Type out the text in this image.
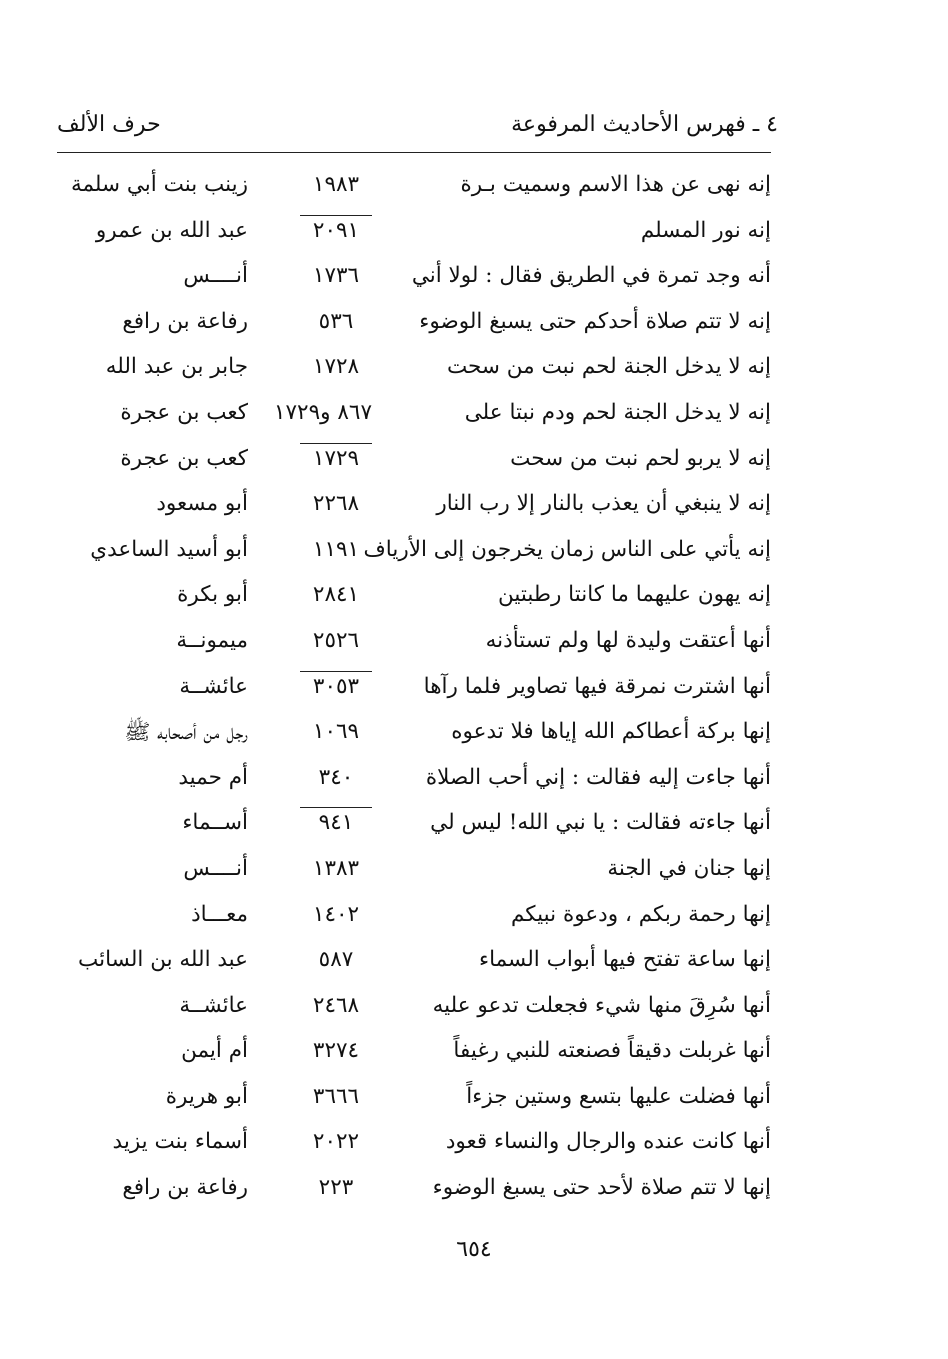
٤ ـ فهرس الأحاديث المرفوعة
حرف الألف
إنه نهى عن هذا الاسم وسميت بـرة
١٩٨٣
زينب بنت أبي سلمة
إنه نور المسلم
٢٠٩١
عبد الله بن عمرو
أنه وجد تمرة في الطريق فقال : لولا أني
١٧٣٦
أنــــس
إنه لا تتم صلاة أحدكم حتى يسبغ الوضوء
٥٣٦
رفاعة بن رافع
إنه لا يدخل الجنة لحم نبت من سحت
١٧٢٨
جابر بن عبد الله
إنه لا يدخل الجنة لحم ودم نبتا على
٨٦٧ و١٧٢٩
كعب بن عجرة
إنه لا يربو لحم نبت من سحت
١٧٢٩
كعب بن عجرة
إنه لا ينبغي أن يعذب بالنار إلا رب النار
٢٢٦٨
أبو مسعود
إنه يأتي على الناس زمان يخرجون إلى الأرياف
١١٩١
أبو أسيد الساعدي
إنه يهون عليهما ما كانتا رطبتين
٢٨٤١
أبو بكرة
أنها أعتقت وليدة لها ولم تستأذنه
٢٥٢٦
ميمونــة
أنها اشترت نمرقة فيها تصاوير فلما رآها
٣٠٥٣
عائشــة
إنها بركة أعطاكم الله إياها فلا تدعوه
١٠٦٩
رجل من أصحابه ﷺ
أنها جاءت إليه فقالت : إني أحب الصلاة
٣٤٠
أم حميد
أنها جاءته فقالت : يا نبي الله! ليس لي
٩٤١
أســماء
إنها جنان في الجنة
١٣٨٣
أنــــس
إنها رحمة ربكم ، ودعوة نبيكم
١٤٠٢
معـــاذ
إنها ساعة تفتح فيها أبواب السماء
٥٨٧
عبد الله بن السائب
أنها سُرِقَ منها شيء فجعلت تدعو عليه
٢٤٦٨
عائشــة
أنها غربلت دقيقاً فصنعته للنبي رغيفاً
٣٢٧٤
أم أيمن
أنها فضلت عليها بتسع وستين جزءاً
٣٦٦٦
أبو هريرة
أنها كانت عنده والرجال والنساء قعود
٢٠٢٢
أسماء بنت يزيد
إنها لا تتم صلاة لأحد حتى يسبغ الوضوء
٢٢٣
رفاعة بن رافع
٦٥٤
